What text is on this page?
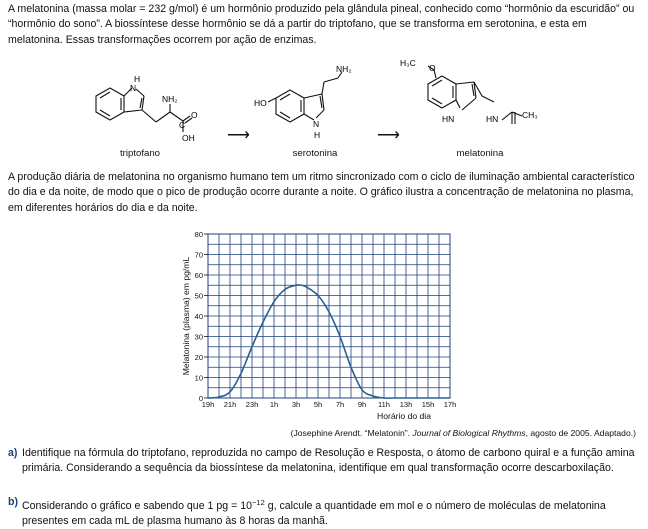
A melatonina (massa molar = 232 g/mol) é um hormônio produzido pela glândula pineal, conhecido como “hormônio da escuridão” ou “hormônio do sono”. A biossíntese desse hormônio se dá a partir do triptofano, que se transforma em serotonina, e esta em melatonina. Essas transformações ocorrem por ação de enzimas.
H
N
NH₂
C
O
OH
NH₂
HO
N
H
H₃C O
HN	HN	CH₃
⟶	⟶
triptofano	serotonina	melatonina
A produção diária de melatonina no organismo humano tem um ritmo sincronizado com o ciclo de iluminação ambiental característico do dia e da noite, de modo que o pico de produção ocorre durante a noite. O gráfico ilustra a concentração de melatonina no plasma, em diferentes horários do dia e da noite.
0
10
20
30
40
50
60
70
80
19h 21h 23h 1h 3h 5h 7h 9h 11h 13h 15h 17h
Horário do dia
Melatonina (plasma) em pg/mL
(Josephine Arendt. “Melatonin”. Journal of Biological Rhythms, agosto de 2005. Adaptado.)
a) Identifique na fórmula do triptofano, reproduzida no campo de Resolução e Resposta, o átomo de carbono quiral e a função amina primária. Considerando a sequência da biossíntese da melatonina, identifique em qual transformação ocorre descarboxilação.
b) Considerando o gráfico e sabendo que 1 pg = $10^{-12}$ g, calcule a quantidade em mol e o número de moléculas de melatonina presentes em cada mL de plasma humano às 8 horas da manhã.
